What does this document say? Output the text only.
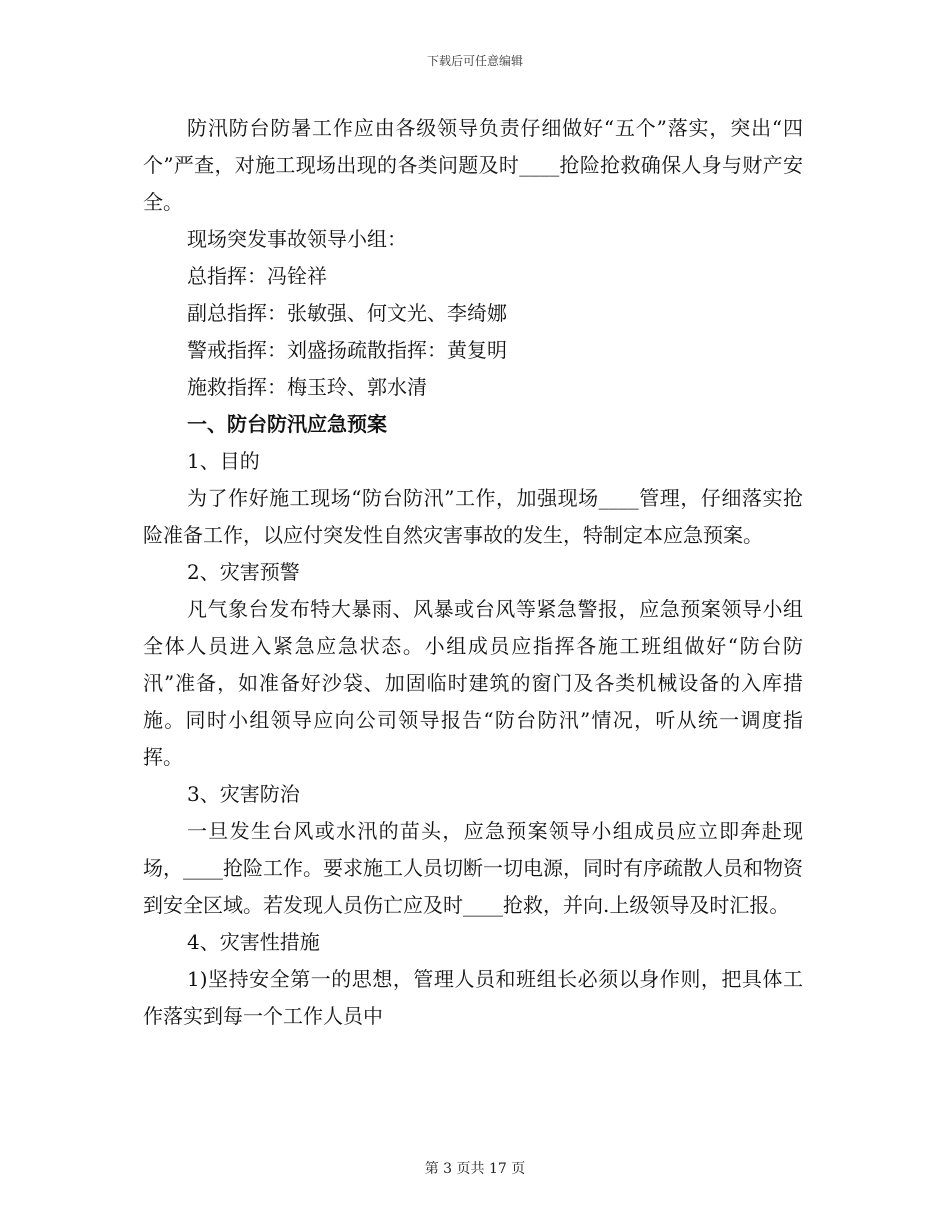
下载后可任意编辑

防汛防台防暑工作应由各级领导负责仔细做好“五个”落实，突出“四个”严查，对施工现场出现的各类问题及时____抢险抢救确保人身与财产安全。

现场突发事故领导小组：

总指挥：冯铨祥

副总指挥：张敏强、何文光、李绮娜

警戒指挥：刘盛扬疏散指挥：黄复明

施救指挥：梅玉玲、郭水清

一、防台防汛应急预案

1、目的

为了作好施工现场“防台防汛”工作，加强现场____管理，仔细落实抢险准备工作，以应付突发性自然灾害事故的发生，特制定本应急预案。

2、灾害预警

凡气象台发布特大暴雨、风暴或台风等紧急警报，应急预案领导小组全体人员进入紧急应急状态。小组成员应指挥各施工班组做好“防台防汛”准备，如准备好沙袋、加固临时建筑的窗门及各类机械设备的入库措施。同时小组领导应向公司领导报告“防台防汛”情况，听从统一调度指挥。

3、灾害防治

一旦发生台风或水汛的苗头，应急预案领导小组成员应立即奔赴现场，____抢险工作。要求施工人员切断一切电源，同时有序疏散人员和物资到安全区域。若发现人员伤亡应及时____抢救，并向.上级领导及时汇报。

4、灾害性措施

1)坚持安全第一的思想，管理人员和班组长必须以身作则，把具体工作落实到每一个工作人员中

第 3 页共 17 页
